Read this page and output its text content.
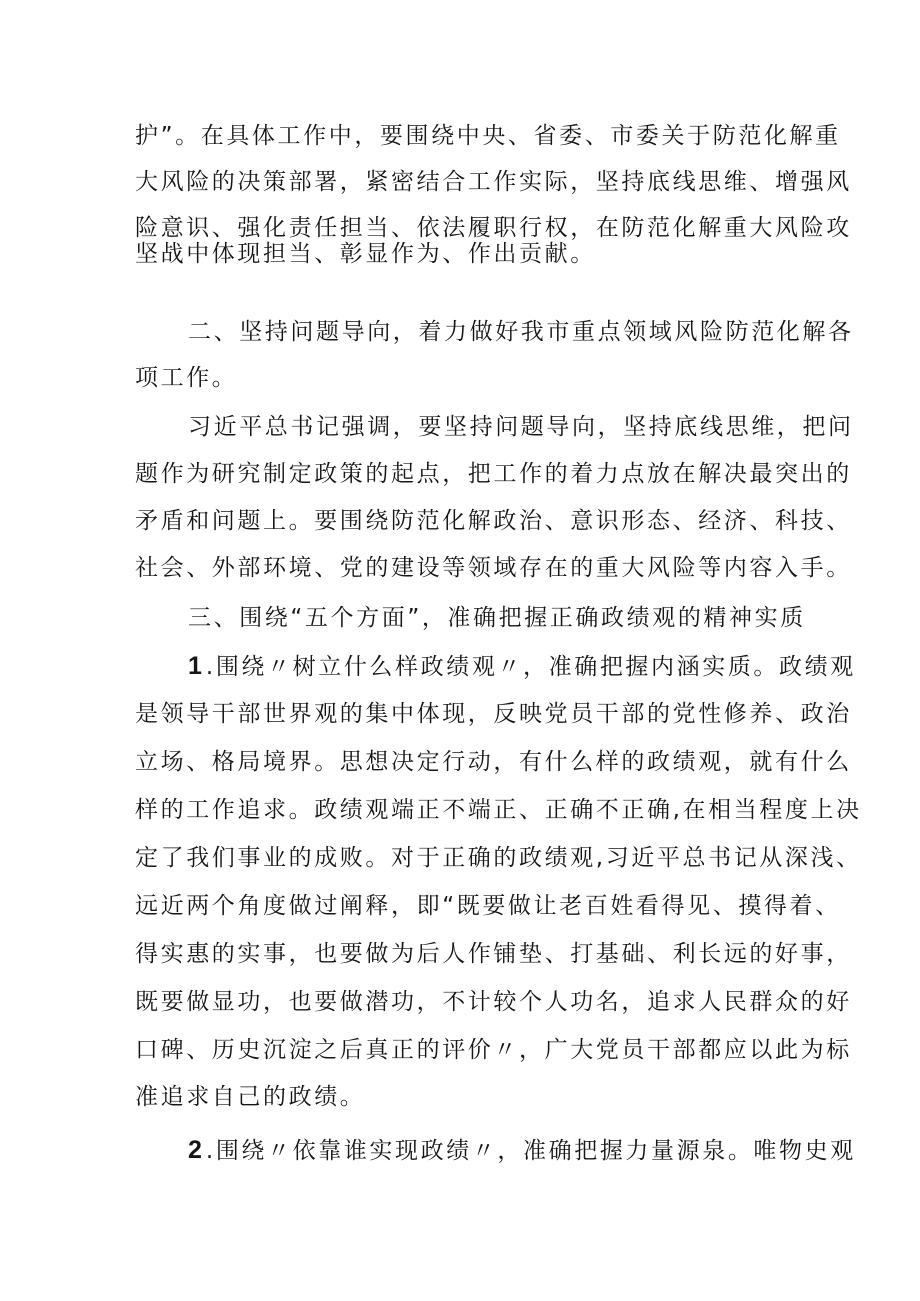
护”。在具体工作中，要围绕中央、省委、市委关于防范化解重
大风险的决策部署，紧密结合工作实际，坚持底线思维、增强风
险意识、强化责任担当、依法履职行权，在防范化解重大风险攻
坚战中体现担当、彰显作为、作出贡献。
二、坚持问题导向，着力做好我市重点领域风险防范化解各
项工作。
习近平总书记强调，要坚持问题导向，坚持底线思维，把问
题作为研究制定政策的起点，把工作的着力点放在解决最突出的
矛盾和问题上。要围绕防范化解政治、意识形态、经济、科技、
社会、外部环境、党的建设等领域存在的重大风险等内容入手。
三、围绕“五个方面”，准确把握正确政绩观的精神实质
1 .围绕〃树立什么样政绩观〃，准确把握内涵实质。政绩观
是领导干部世界观的集中体现，反映党员干部的党性修养、政治
立场、格局境界。思想决定行动，有什么样的政绩观，就有什么
样的工作追求。政绩观端正不端正、正确不正确,在相当程度上决
定了我们事业的成败。对于正确的政绩观,习近平总书记从深浅、
远近两个角度做过阐释，即“既要做让老百姓看得见、摸得着、
得实惠的实事，也要做为后人作铺垫、打基础、利长远的好事，
既要做显功，也要做潜功，不计较个人功名，追求人民群众的好
口碑、历史沉淀之后真正的评价〃，广大党员干部都应以此为标
准追求自己的政绩。
2 .围绕〃依靠谁实现政绩〃，准确把握力量源泉。唯物史观
